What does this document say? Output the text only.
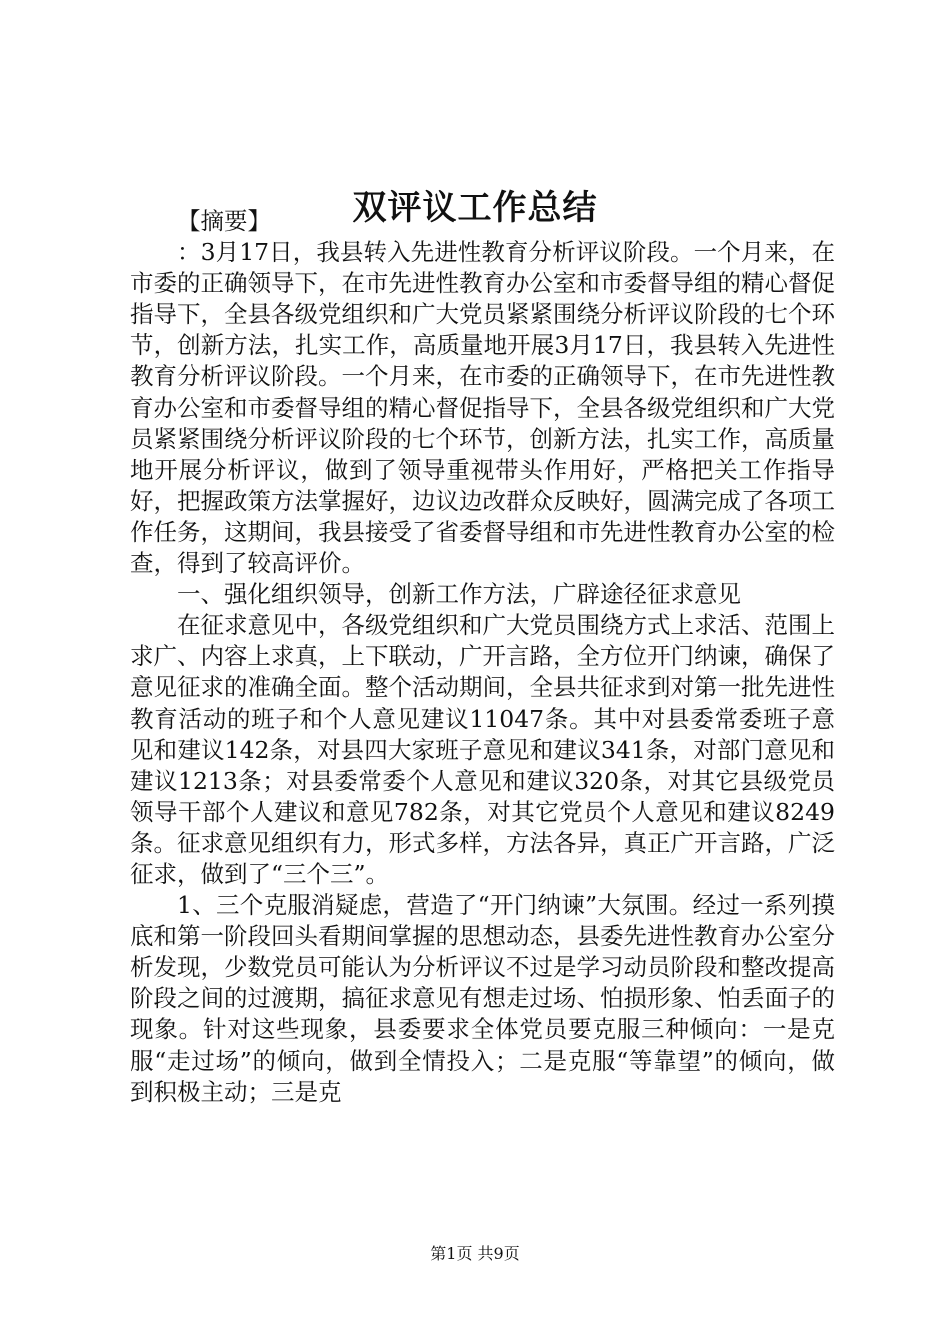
双评议工作总结

【摘要】

：3月17日，我县转入先进性教育分析评议阶段。一个月来，在市委的正确领导下，在市先进性教育办公室和市委督导组的精心督促指导下，全县各级党组织和广大党员紧紧围绕分析评议阶段的七个环节，创新方法，扎实工作，高质量地开展3月17日，我县转入先进性教育分析评议阶段。一个月来，在市委的正确领导下，在市先进性教育办公室和市委督导组的精心督促指导下，全县各级党组织和广大党员紧紧围绕分析评议阶段的七个环节，创新方法，扎实工作，高质量地开展分析评议，做到了领导重视带头作用好，严格把关工作指导好，把握政策方法掌握好，边议边改群众反映好，圆满完成了各项工作任务，这期间，我县接受了省委督导组和市先进性教育办公室的检查，得到了较高评价。

一、强化组织领导，创新工作方法，广辟途径征求意见

在征求意见中，各级党组织和广大党员围绕方式上求活、范围上求广、内容上求真，上下联动，广开言路，全方位开门纳谏，确保了意见征求的准确全面。整个活动期间，全县共征求到对第一批先进性教育活动的班子和个人意见建议11047条。其中对县委常委班子意见和建议142条，对县四大家班子意见和建议341条，对部门意见和建议1213条；对县委常委个人意见和建议320条，对其它县级党员领导干部个人建议和意见782条，对其它党员个人意见和建议8249条。征求意见组织有力，形式多样，方法各异，真正广开言路，广泛征求，做到了“三个三”。

1、三个克服消疑虑，营造了“开门纳谏”大氛围。经过一系列摸底和第一阶段回头看期间掌握的思想动态，县委先进性教育办公室分析发现，少数党员可能认为分析评议不过是学习动员阶段和整改提高阶段之间的过渡期，搞征求意见有想走过场、怕损形象、怕丢面子的现象。针对这些现象，县委要求全体党员要克服三种倾向：一是克服“走过场”的倾向，做到全情投入；二是克服“等靠望”的倾向，做到积极主动；三是克

第1页 共9页
